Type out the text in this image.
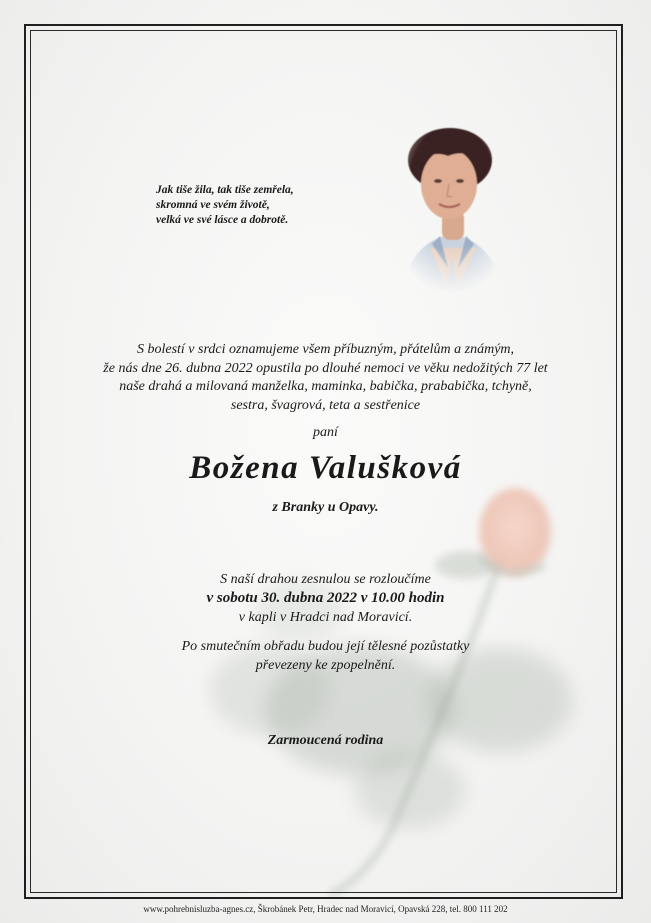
Jak tiše žila, tak tiše zemřela,
skromná ve svém životě,
velká ve své lásce a dobrotě.
S bolestí v srdci oznamujeme všem příbuzným, přátelům a známým,
že nás dne 26. dubna 2022 opustila po dlouhé nemoci ve věku nedožitých 77 let
naše drahá a milovaná manželka, maminka, babička, prababička, tchyně,
sestra, švagrová, teta a sestřenice
paní
Božena Valušková
z Branky u Opavy.
S naší drahou zesnulou se rozloučíme
v sobotu 30. dubna 2022 v 10.00 hodin
v kapli v Hradci nad Moravicí.
Po smutečním obřadu budou její tělesné pozůstatky
převezeny ke zpopelnění.
Zarmoucená rodina
www.pohrebnisluzba-agnes.cz, Škrobánek Petr, Hradec nad Moravicí, Opavská 228, tel. 800 111 202
